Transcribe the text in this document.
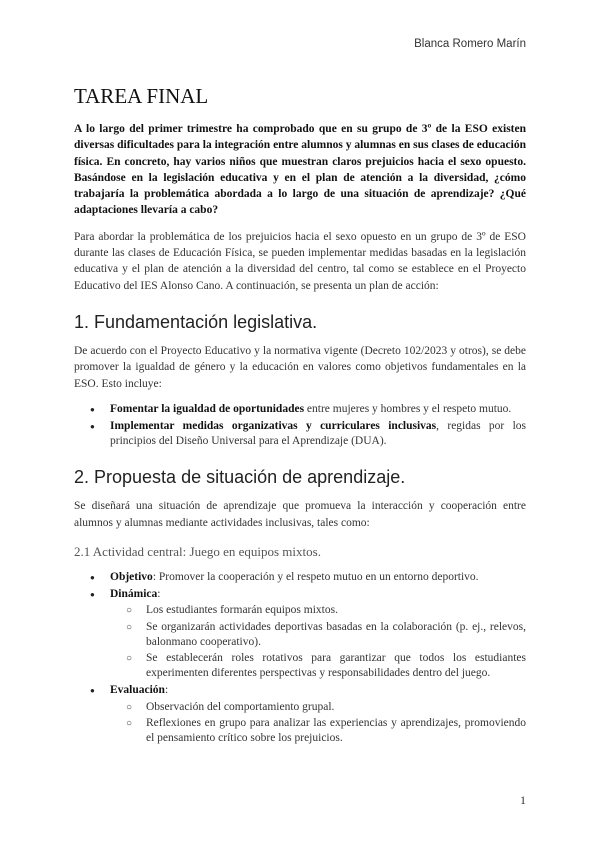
Blanca Romero Marín
TAREA FINAL

A lo largo del primer trimestre ha comprobado que en su grupo de 3º de la ESO existen diversas dificultades para la integración entre alumnos y alumnas en sus clases de educación física. En concreto, hay varios niños que muestran claros prejuicios hacia el sexo opuesto. Basándose en la legislación educativa y en el plan de atención a la diversidad, ¿cómo trabajaría la problemática abordada a lo largo de una situación de aprendizaje? ¿Qué adaptaciones llevaría a cabo?

Para abordar la problemática de los prejuicios hacia el sexo opuesto en un grupo de 3º de ESO durante las clases de Educación Física, se pueden implementar medidas basadas en la legislación educativa y el plan de atención a la diversidad del centro, tal como se establece en el Proyecto Educativo del IES Alonso Cano. A continuación, se presenta un plan de acción:

1. Fundamentación legislativa.

De acuerdo con el Proyecto Educativo y la normativa vigente (Decreto 102/2023 y otros), se debe promover la igualdad de género y la educación en valores como objetivos fundamentales en la ESO. Esto incluye:

● Fomentar la igualdad de oportunidades entre mujeres y hombres y el respeto mutuo.
● Implementar medidas organizativas y curriculares inclusivas, regidas por los principios del Diseño Universal para el Aprendizaje (DUA).
2. Propuesta de situación de aprendizaje.

Se diseñará una situación de aprendizaje que promueva la interacción y cooperación entre alumnos y alumnas mediante actividades inclusivas, tales como:

2.1 Actividad central: Juego en equipos mixtos.
● Objetivo: Promover la cooperación y el respeto mutuo en un entorno deportivo.
● Dinámica:
○ Los estudiantes formarán equipos mixtos.
○ Se organizarán actividades deportivas basadas en la colaboración (p. ej., relevos, balonmano cooperativo).
○ Se establecerán roles rotativos para garantizar que todos los estudiantes experimenten diferentes perspectivas y responsabilidades dentro del juego.
● Evaluación:
○ Observación del comportamiento grupal.
○ Reflexiones en grupo para analizar las experiencias y aprendizajes, promoviendo el pensamiento crítico sobre los prejuicios.
1
